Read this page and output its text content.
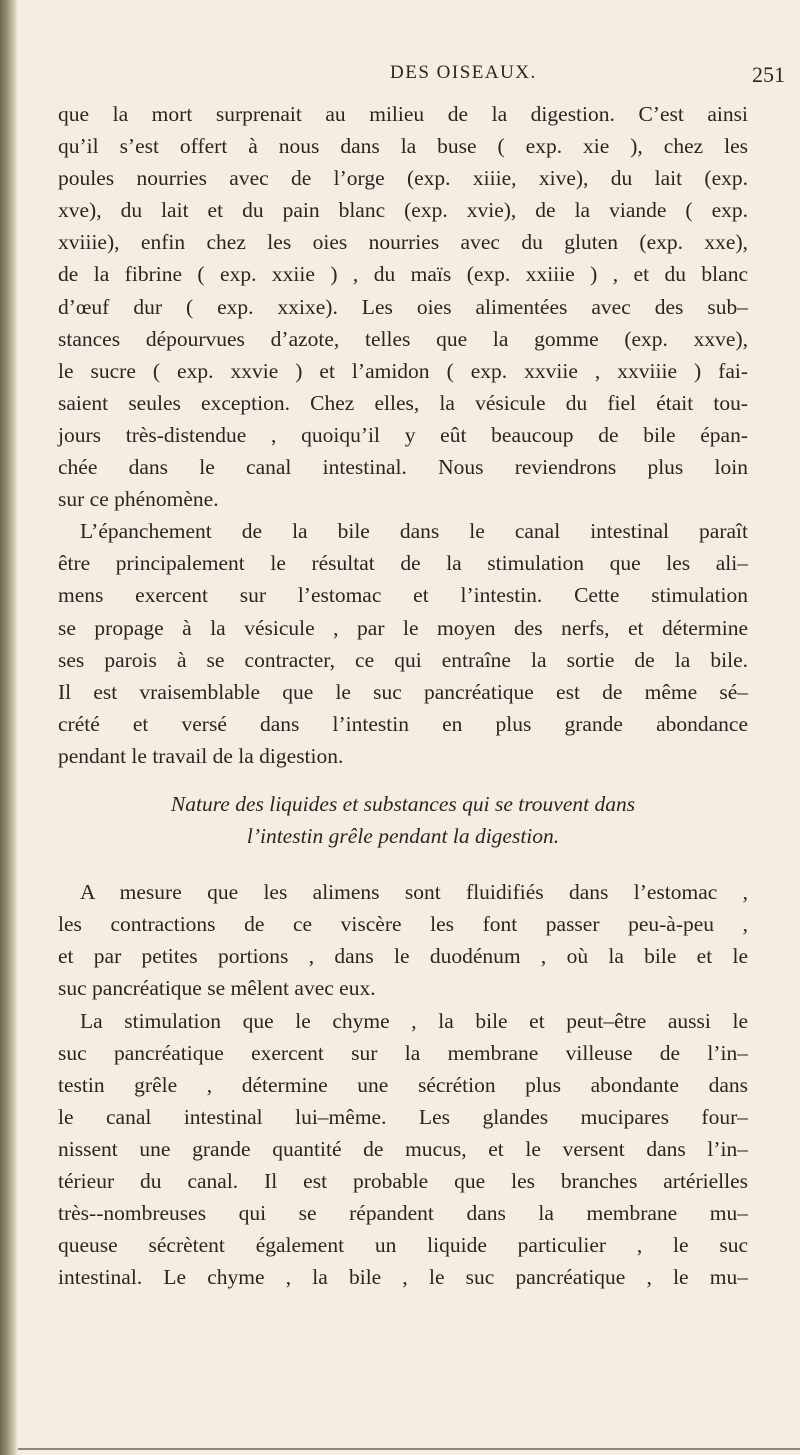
DES OISEAUX.	251
que la mort surprenait au milieu de la digestion. C’est ainsi
qu’il s’est offert à nous dans la buse ( exp. xie ), chez les
poules nourries avec de l’orge (exp. xiiie, xive), du lait (exp.
xve), du lait et du pain blanc (exp. xvie), de la viande ( exp.
xviiie), enfin chez les oies nourries avec du gluten (exp. xxe),
de la fibrine ( exp. xxiie ) , du maïs (exp. xxiiie ) , et du blanc
d’œuf dur ( exp. xxixe). Les oies alimentées avec des sub–
stances dépourvues d’azote, telles que la gomme (exp. xxve),
le sucre ( exp. xxvie ) et l’amidon ( exp. xxviie , xxviiie ) fai-
saient seules exception. Chez elles, la vésicule du fiel était tou-
jours très-distendue , quoiqu’il y eût beaucoup de bile épan-
chée dans le canal intestinal. Nous reviendrons plus loin
sur ce phénomène.
L’épanchement de la bile dans le canal intestinal paraît
être principalement le résultat de la stimulation que les ali–
mens exercent sur l’estomac et l’intestin. Cette stimulation
se propage à la vésicule , par le moyen des nerfs, et détermine
ses parois à se contracter, ce qui entraîne la sortie de la bile.
Il est vraisemblable que le suc pancréatique est de même sé–
crété et versé dans l’intestin en plus grande abondance
pendant le travail de la digestion.
Nature des liquides et substances qui se trouvent dans
l’intestin grêle pendant la digestion.
A mesure que les alimens sont fluidifiés dans l’estomac ,
les contractions de ce viscère les font passer peu-à-peu ,
et par petites portions , dans le duodénum , où la bile et le
suc pancréatique se mêlent avec eux.
La stimulation que le chyme , la bile et peut–être aussi le
suc pancréatique exercent sur la membrane villeuse de l’in–
testin grêle , détermine une sécrétion plus abondante dans
le canal intestinal lui–même. Les glandes mucipares four–
nissent une grande quantité de mucus, et le versent dans l’in–
térieur du canal. Il est probable que les branches artérielles
très--nombreuses qui se répandent dans la membrane mu–
queuse sécrètent également un liquide particulier , le suc
intestinal. Le chyme , la bile , le suc pancréatique , le mu–
